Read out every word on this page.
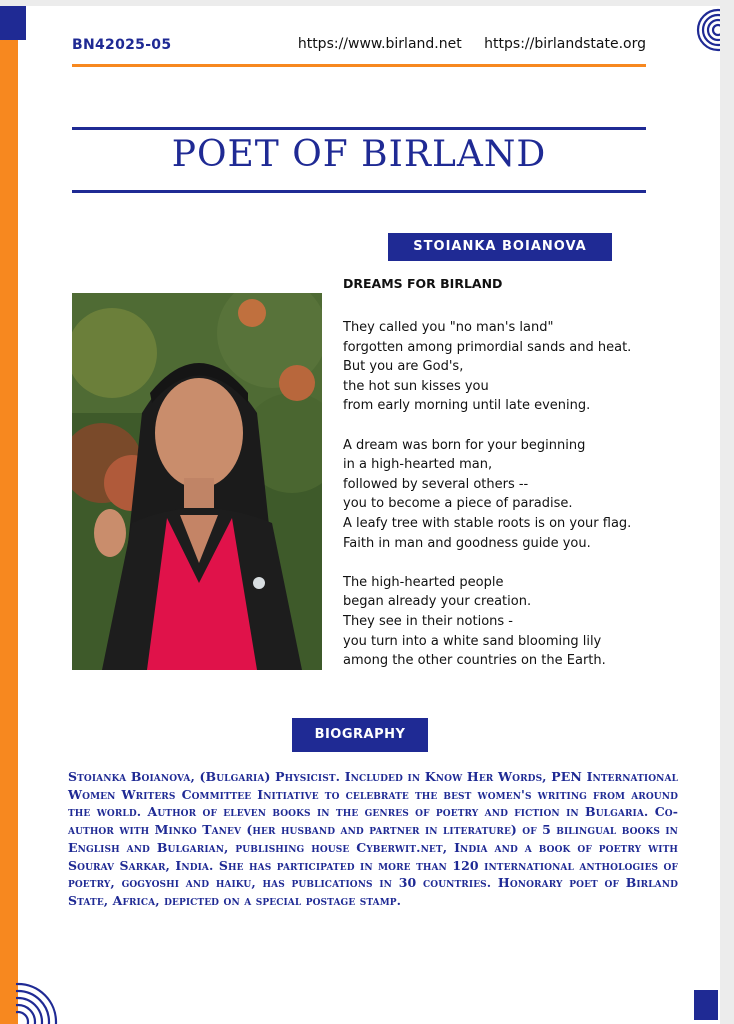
BN42025-05	https://www.birland.net https://birlandstate.org
POET OF BIRLAND
STOIANKA BOIANOVA
DREAMS FOR BIRLAND
They called you "no man's land"
forgotten among primordial sands and heat.
But you are God's,
the hot sun kisses you
from early morning until late evening.
A dream was born for your beginning
in a high-hearted man,
followed by several others --
you to become a piece of paradise.
A leafy tree with stable roots is on your flag.
Faith in man and goodness guide you.
The high-hearted people
began already your creation.
They see in their notions -
you turn into a white sand blooming lily
among the other countries on the Earth.
BIOGRAPHY
Stoianka Boianova, (Bulgaria) Physicist. Included in Know Her Words, PEN International Women Writers Committee Initiative to celebrate the best women's writing from around the world. Author of eleven books in the genres of poetry and fiction in Bulgaria. Co-author with Minko Tanev (her husband and partner in literature) of 5 bilingual books in English and Bulgarian, publishing house Cyberwit.net, India and a book of poetry with Sourav Sarkar, India. She has participated in more than 120 international anthologies of poetry, gogyoshi and haiku, has publications in 30 countries. Honorary poet of Birland State, Africa, depicted on a special postage stamp.
